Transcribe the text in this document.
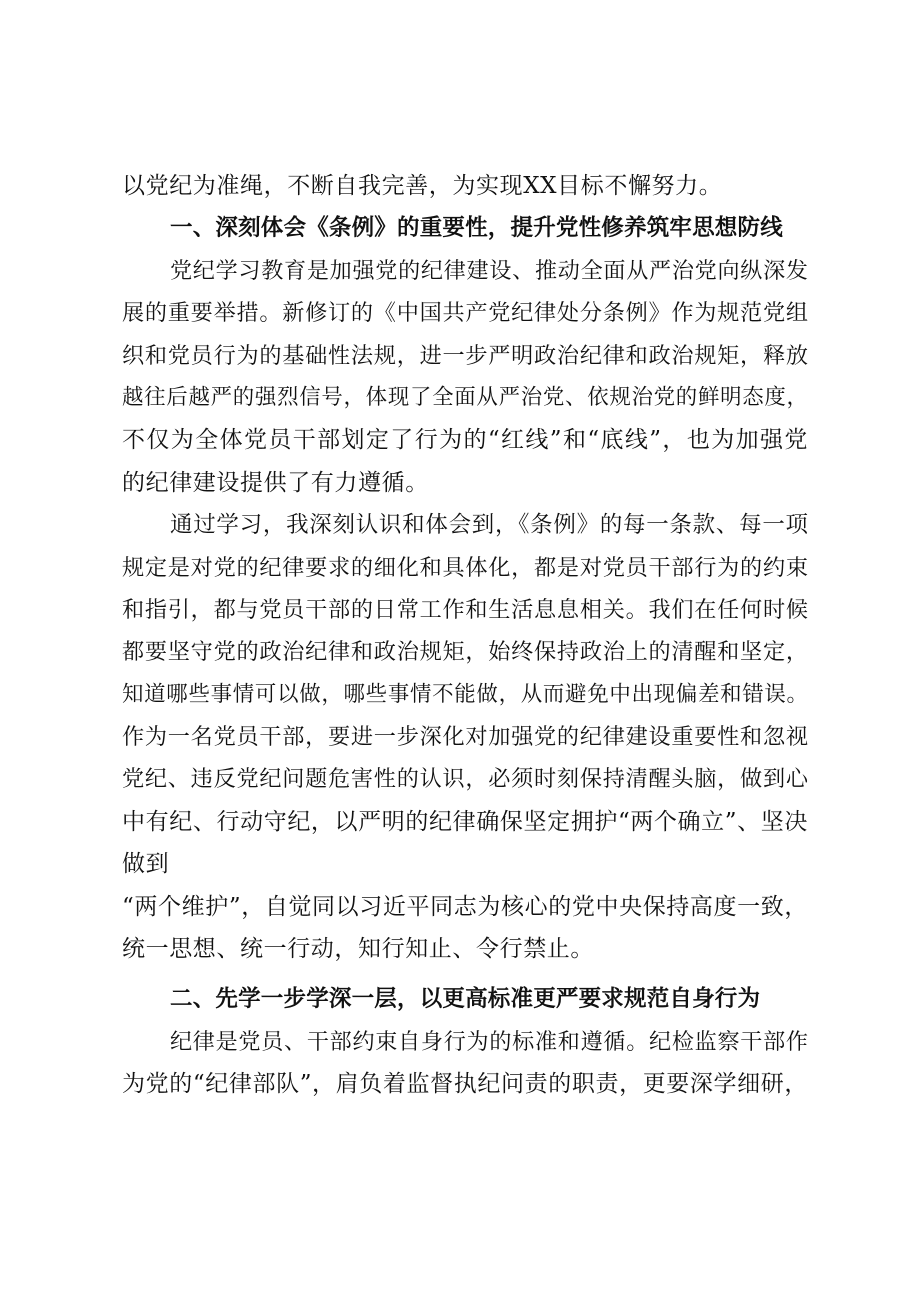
以党纪为准绳，不断自我完善，为实现XX目标不懈努力。
一、深刻体会《条例》的重要性，提升党性修养筑牢思想防线
党纪学习教育是加强党的纪律建设、推动全面从严治党向纵深发
展的重要举措。新修订的《中国共产党纪律处分条例》作为规范党组
织和党员行为的基础性法规，进一步严明政治纪律和政治规矩，释放
越往后越严的强烈信号，体现了全面从严治党、依规治党的鲜明态度，
不仅为全体党员干部划定了行为的“红线”和“底线”，也为加强党
的纪律建设提供了有力遵循。
通过学习，我深刻认识和体会到，《条例》的每一条款、每一项
规定是对党的纪律要求的细化和具体化，都是对党员干部行为的约束
和指引，都与党员干部的日常工作和生活息息相关。我们在任何时候
都要坚守党的政治纪律和政治规矩，始终保持政治上的清醒和坚定，
知道哪些事情可以做，哪些事情不能做，从而避免中出现偏差和错误。
作为一名党员干部，要进一步深化对加强党的纪律建设重要性和忽视
党纪、违反党纪问题危害性的认识，必须时刻保持清醒头脑，做到心
中有纪、行动守纪，以严明的纪律确保坚定拥护“两个确立”、坚决
做到
“两个维护”，自觉同以习近平同志为核心的党中央保持高度一致，
统一思想、统一行动，知行知止、令行禁止。
二、先学一步学深一层，以更高标准更严要求规范自身行为
纪律是党员、干部约束自身行为的标准和遵循。纪检监察干部作
为党的“纪律部队”，肩负着监督执纪问责的职责，更要深学细研，
